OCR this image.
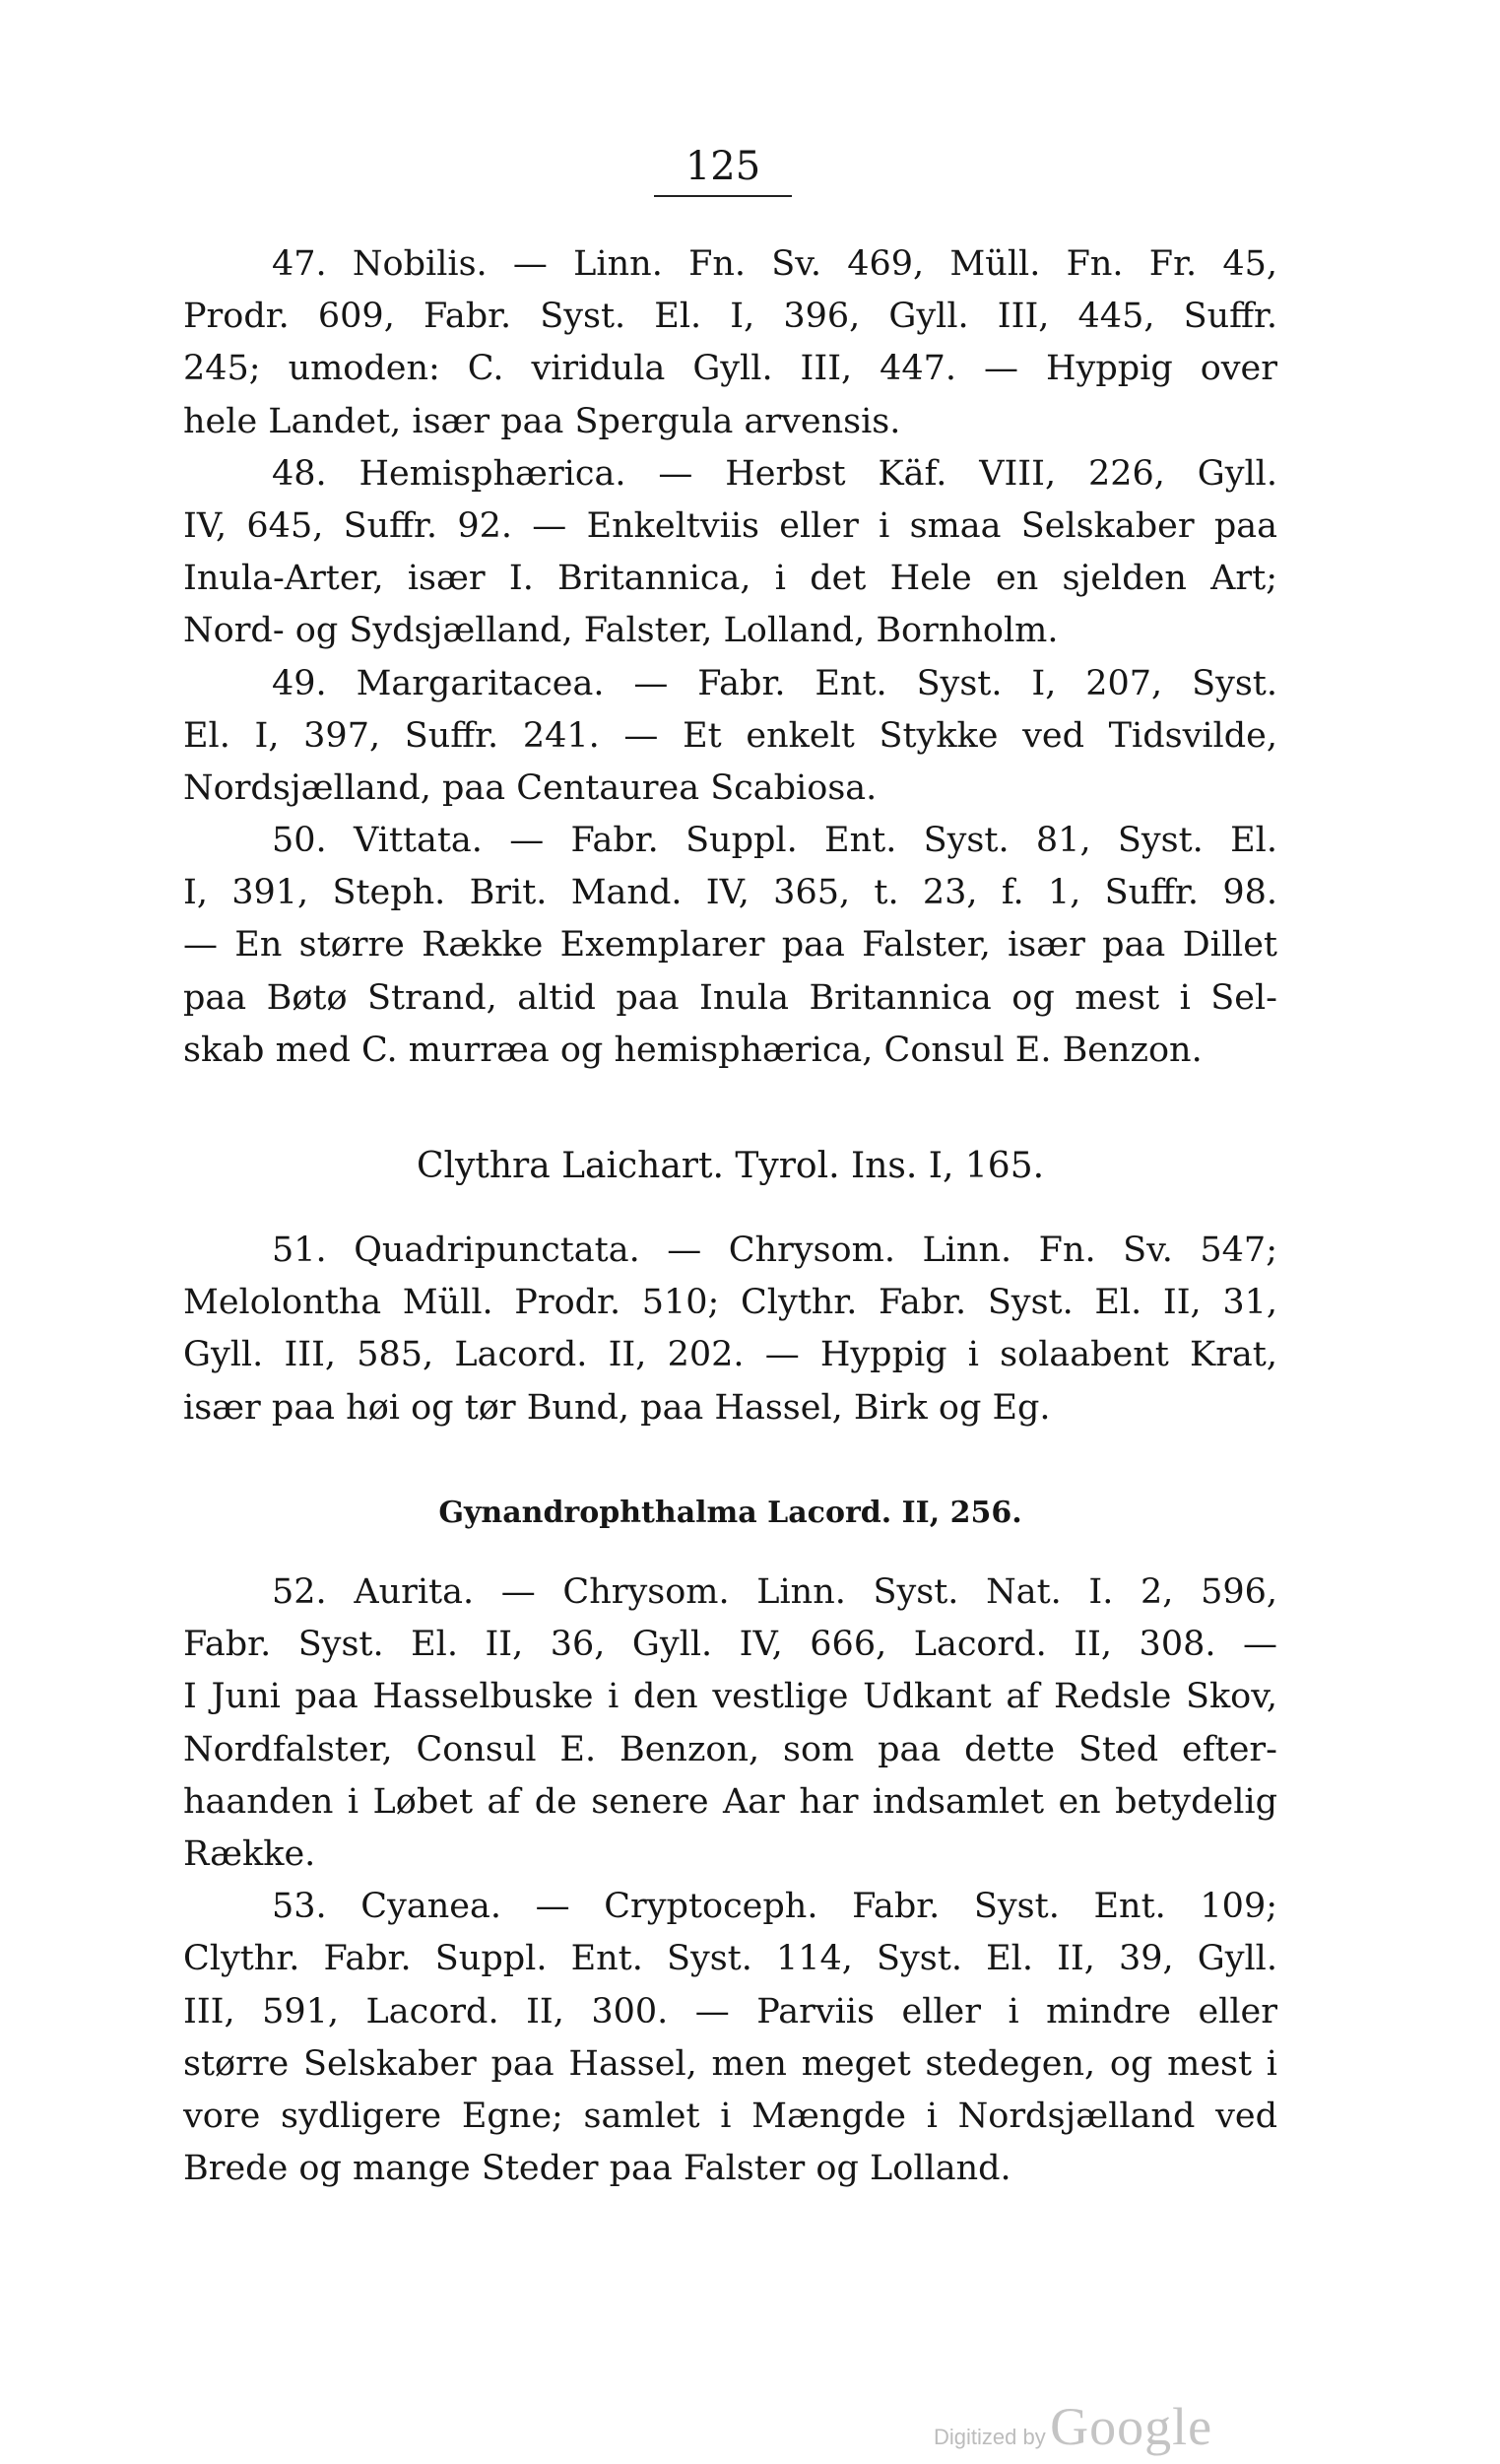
125
47. Nobilis. — Linn. Fn. Sv. 469, Müll. Fn. Fr. 45,
Prodr. 609, Fabr. Syst. El. I, 396, Gyll. III, 445, Suffr.
245; umoden: C. viridula Gyll. III, 447. — Hyppig over
hele Landet, især paa Spergula arvensis.
48. Hemisphærica. — Herbst Käf. VIII, 226, Gyll.
IV, 645, Suffr. 92. — Enkeltviis eller i smaa Selskaber paa
Inula-Arter, især I. Britannica, i det Hele en sjelden Art;
Nord- og Sydsjælland, Falster, Lolland, Bornholm.
49. Margaritacea. — Fabr. Ent. Syst. I, 207, Syst.
El. I, 397, Suffr. 241. — Et enkelt Stykke ved Tidsvilde,
Nordsjælland, paa Centaurea Scabiosa.
50. Vittata. — Fabr. Suppl. Ent. Syst. 81, Syst. El.
I, 391, Steph. Brit. Mand. IV, 365, t. 23, f. 1, Suffr. 98.
— En større Række Exemplarer paa Falster, især paa Dillet
paa Bøtø Strand, altid paa Inula Britannica og mest i Sel-
skab med C. murræa og hemisphærica, Consul E. Benzon.
Clythra Laichart. Tyrol. Ins. I, 165.
51. Quadripunctata. — Chrysom. Linn. Fn. Sv. 547;
Melolontha Müll. Prodr. 510; Clythr. Fabr. Syst. El. II, 31,
Gyll. III, 585, Lacord. II, 202. — Hyppig i solaabent Krat,
især paa høi og tør Bund, paa Hassel, Birk og Eg.
Gynandrophthalma Lacord. II, 256.
52. Aurita. — Chrysom. Linn. Syst. Nat. I. 2, 596,
Fabr. Syst. El. II, 36, Gyll. IV, 666, Lacord. II, 308. —
I Juni paa Hasselbuske i den vestlige Udkant af Redsle Skov,
Nordfalster, Consul E. Benzon, som paa dette Sted efter-
haanden i Løbet af de senere Aar har indsamlet en betydelig
Række.
53. Cyanea. — Cryptoceph. Fabr. Syst. Ent. 109;
Clythr. Fabr. Suppl. Ent. Syst. 114, Syst. El. II, 39, Gyll.
III, 591, Lacord. II, 300. — Parviis eller i mindre eller
større Selskaber paa Hassel, men meget stedegen, og mest i
vore sydligere Egne; samlet i Mængde i Nordsjælland ved
Brede og mange Steder paa Falster og Lolland.
Digitized by Google
